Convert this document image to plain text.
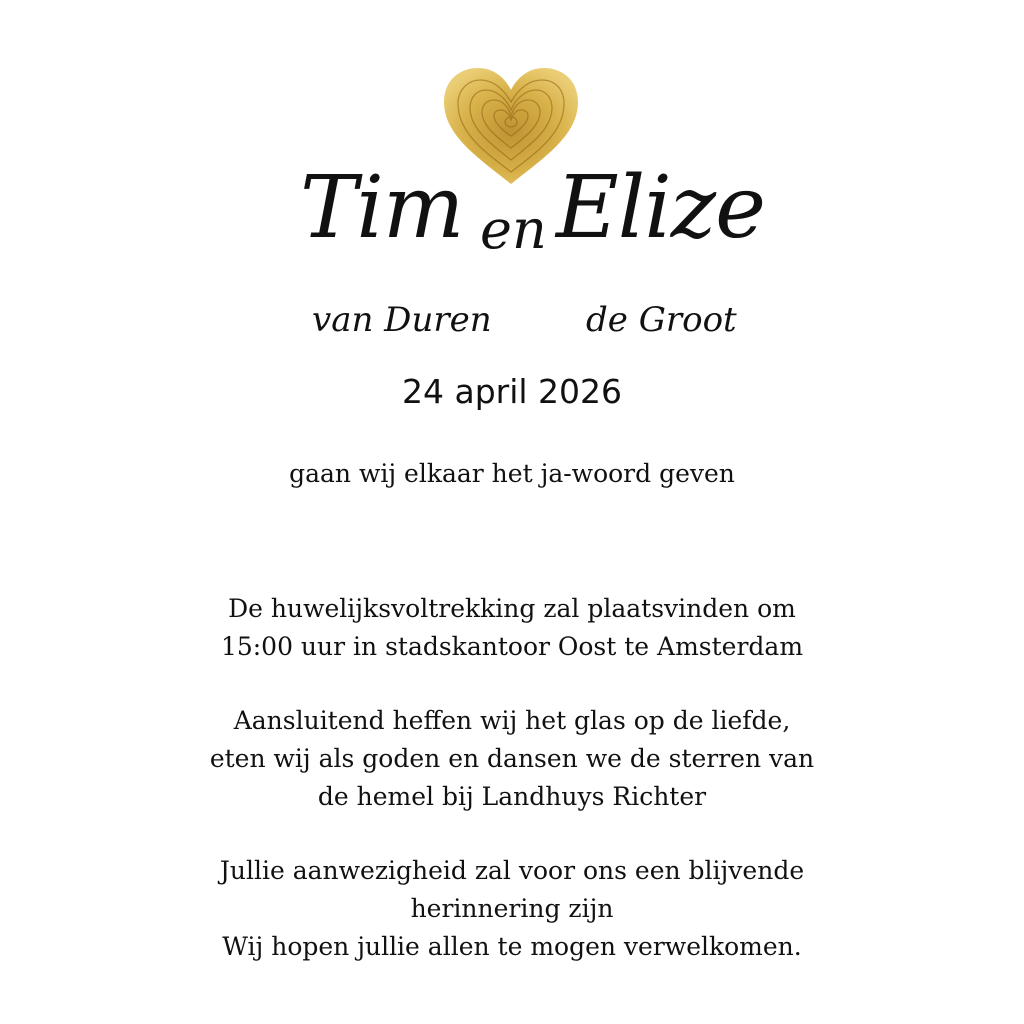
Tim en Elize
van Duren	de Groot
24 april 2026
gaan wij elkaar het ja-woord geven
De huwelijksvoltrekking zal plaatsvinden om
15:00 uur in stadskantoor Oost te Amsterdam
Aansluitend heffen wij het glas op de liefde,
eten wij als goden en dansen we de sterren van
de hemel bij Landhuys Richter
Jullie aanwezigheid zal voor ons een blijvende
herinnering zijn
Wij hopen jullie allen te mogen verwelkomen.
